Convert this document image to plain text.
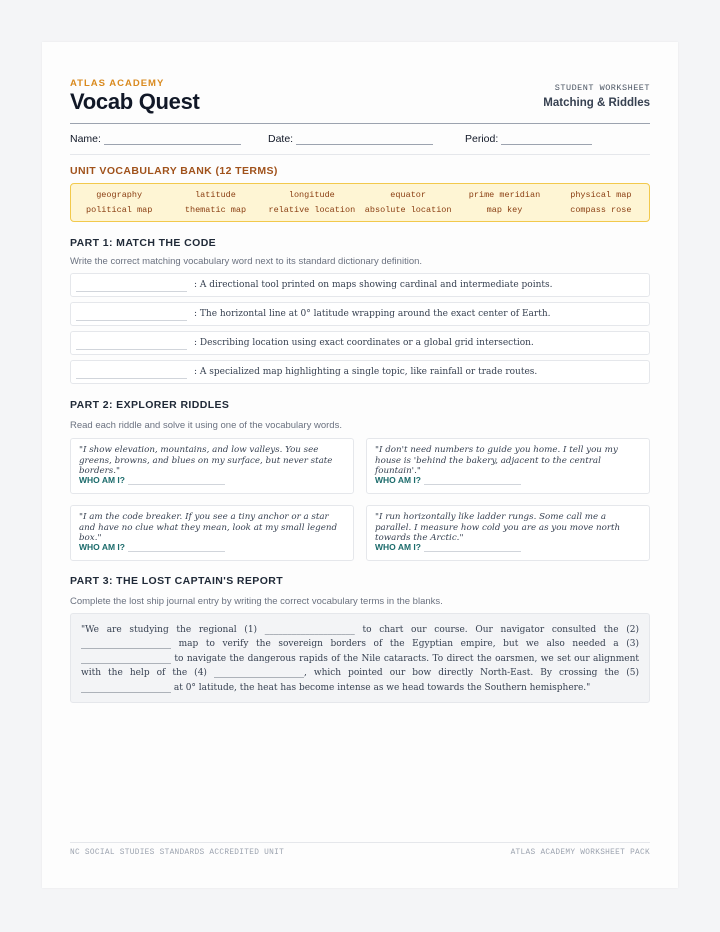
ATLAS ACADEMY
Vocab Quest
STUDENT WORKSHEET
Matching & Riddles
Name:	Date:	Period:
UNIT VOCABULARY BANK (12 TERMS)
geography	latitude	longitude	equator	prime meridian	physical map
political map	thematic map	relative location	absolute location	map key	compass rose
PART 1: MATCH THE CODE
Write the correct matching vocabulary word next to its standard dictionary definition.
: A directional tool printed on maps showing cardinal and intermediate points.
: The horizontal line at 0° latitude wrapping around the exact center of Earth.
: Describing location using exact coordinates or a global grid intersection.
: A specialized map highlighting a single topic, like rainfall or trade routes.
PART 2: EXPLORER RIDDLES
Read each riddle and solve it using one of the vocabulary words.
"I show elevation, mountains, and low valleys. You see greens, browns, and blues on my surface, but never state borders."
WHO AM I?
"I don't need numbers to guide you home. I tell you my house is 'behind the bakery, adjacent to the central fountain'."
WHO AM I?
"I am the code breaker. If you see a tiny anchor or a star and have no clue what they mean, look at my small legend box."
WHO AM I?
"I run horizontally like ladder rungs. Some call me a parallel. I measure how cold you are as you move north towards the Arctic."
WHO AM I?
PART 3: THE LOST CAPTAIN'S REPORT
Complete the lost ship journal entry by writing the correct vocabulary terms in the blanks.
"We are studying the regional (1) ____________________ to chart our course. Our navigator consulted the (2) ____________________ map to verify the sovereign borders of the Egyptian empire, but we also needed a (3) ____________________ to navigate the dangerous rapids of the Nile cataracts. To direct the oarsmen, we set our alignment with the help of the (4) ____________________, which pointed our bow directly North-East. By crossing the (5) ____________________ at 0° latitude, the heat has become intense as we head towards the Southern hemisphere."
NC SOCIAL STUDIES STANDARDS ACCREDITED UNIT	ATLAS ACADEMY WORKSHEET PACK
